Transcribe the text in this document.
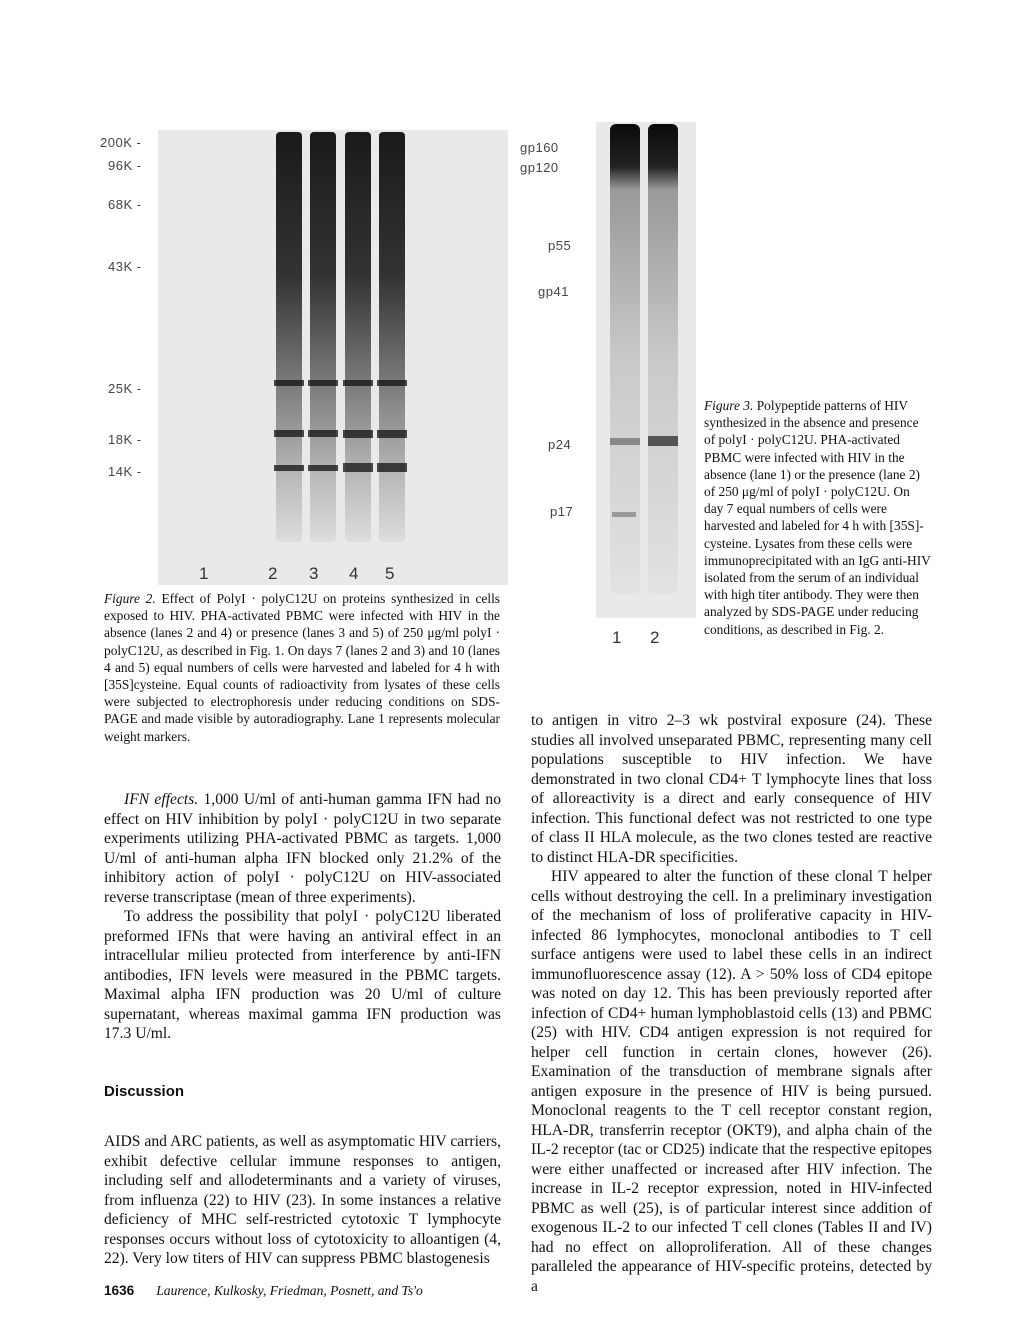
200K -
96K -
68K -
43K -
25K -
18K -
14K -
1	2 3 4 5

Figure 2. Effect of PolyI · polyC12U on proteins synthesized in cells exposed to HIV. PHA-activated PBMC were infected with HIV in the absence (lanes 2 and 4) or presence (lanes 3 and 5) of 250 μg/ml polyI · polyC12U, as described in Fig. 1. On days 7 (lanes 2 and 3) and 10 (lanes 4 and 5) equal numbers of cells were harvested and labeled for 4 h with [35S]cysteine. Equal counts of radioactivity from lysates of these cells were subjected to electrophoresis under reducing conditions on SDS-PAGE and made visible by autoradiography. Lane 1 represents molecular weight markers.

gp160
gp120
p55
gp41
p24
p17
1 2

Figure 3. Polypeptide patterns of HIV synthesized in the absence and presence of polyI · polyC12U. PHA-activated PBMC were infected with HIV in the absence (lane 1) or the presence (lane 2) of 250 μg/ml of polyI · polyC12U. On day 7 equal numbers of cells were harvested and labeled for 4 h with [35S]-cysteine. Lysates from these cells were immunoprecipitated with an IgG anti-HIV isolated from the serum of an individual with high titer antibody. They were then analyzed by SDS-PAGE under reducing conditions, as described in Fig. 2.

IFN effects. 1,000 U/ml of anti-human gamma IFN had no effect on HIV inhibition by polyI · polyC12U in two separate experiments utilizing PHA-activated PBMC as targets. 1,000 U/ml of anti-human alpha IFN blocked only 21.2% of the inhibitory action of polyI · polyC12U on HIV-associated reverse transcriptase (mean of three experiments).

To address the possibility that polyI · polyC12U liberated preformed IFNs that were having an antiviral effect in an intracellular milieu protected from interference by anti-IFN antibodies, IFN levels were measured in the PBMC targets. Maximal alpha IFN production was 20 U/ml of culture supernatant, whereas maximal gamma IFN production was 17.3 U/ml.

Discussion

AIDS and ARC patients, as well as asymptomatic HIV carriers, exhibit defective cellular immune responses to antigen, including self and allodeterminants and a variety of viruses, from influenza (22) to HIV (23). In some instances a relative deficiency of MHC self-restricted cytotoxic T lymphocyte responses occurs without loss of cytotoxicity to alloantigen (4, 22). Very low titers of HIV can suppress PBMC blastogenesis

to antigen in vitro 2–3 wk postviral exposure (24). These studies all involved unseparated PBMC, representing many cell populations susceptible to HIV infection. We have demonstrated in two clonal CD4+ T lymphocyte lines that loss of alloreactivity is a direct and early consequence of HIV infection. This functional defect was not restricted to one type of class II HLA molecule, as the two clones tested are reactive to distinct HLA-DR specificities.

HIV appeared to alter the function of these clonal T helper cells without destroying the cell. In a preliminary investigation of the mechanism of loss of proliferative capacity in HIV-infected 86 lymphocytes, monoclonal antibodies to T cell surface antigens were used to label these cells in an indirect immunofluorescence assay (12). A > 50% loss of CD4 epitope was noted on day 12. This has been previously reported after infection of CD4+ human lymphoblastoid cells (13) and PBMC (25) with HIV. CD4 antigen expression is not required for helper cell function in certain clones, however (26). Examination of the transduction of membrane signals after antigen exposure in the presence of HIV is being pursued. Monoclonal reagents to the T cell receptor constant region, HLA-DR, transferrin receptor (OKT9), and alpha chain of the IL-2 receptor (tac or CD25) indicate that the respective epitopes were either unaffected or increased after HIV infection. The increase in IL-2 receptor expression, noted in HIV-infected PBMC as well (25), is of particular interest since addition of exogenous IL-2 to our infected T cell clones (Tables II and IV) had no effect on alloproliferation. All of these changes paralleled the appearance of HIV-specific proteins, detected by a

1636 Laurence, Kulkosky, Friedman, Posnett, and Ts'o
